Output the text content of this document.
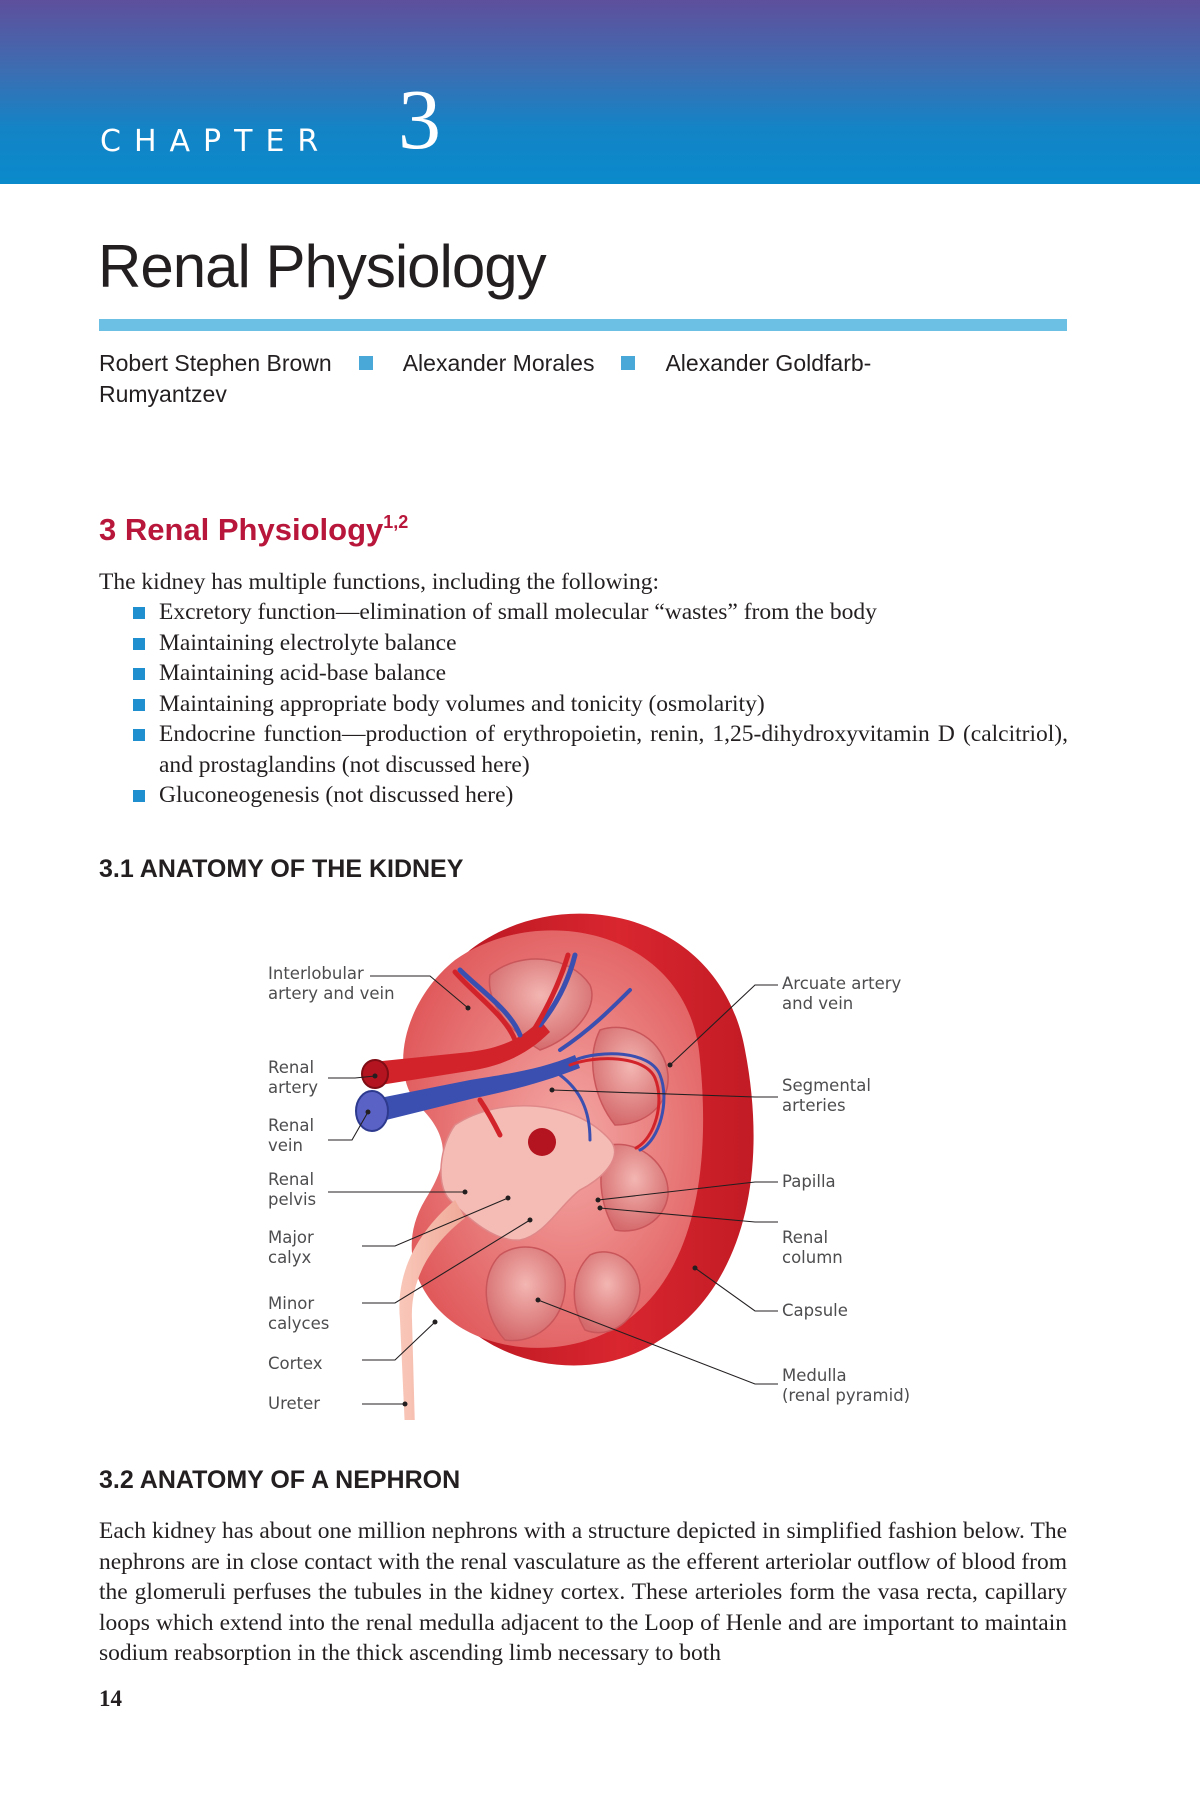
CHAPTER 3
Renal Physiology
Robert Stephen Brown	Alexander Morales	Alexander Goldfarb-Rumyantzev
3 Renal Physiology$^{1,2}$
The kidney has multiple functions, including the following:
Excretory function—elimination of small molecular “wastes” from the body
Maintaining electrolyte balance
Maintaining acid-base balance
Maintaining appropriate body volumes and tonicity (osmolarity)
Endocrine function—production of erythropoietin, renin, 1,25-dihydroxyvitamin D (calcitriol), and prostaglandins (not discussed here)
Gluconeogenesis (not discussed here)
3.1 ANATOMY OF THE KIDNEY
Interlobular
artery and vein
Renal
artery
Renal
vein
Renal
pelvis
Major
calyx
Minor
calyces
Cortex
Ureter
Arcuate artery
and vein
Segmental
arteries
Papilla
Renal
column
Capsule
Medulla
(renal pyramid)
3.2 ANATOMY OF A NEPHRON

Each kidney has about one million nephrons with a structure depicted in simplified fashion below. The nephrons are in close contact with the renal vasculature as the efferent arteriolar outflow of blood from the glomeruli perfuses the tubules in the kidney cortex. These arterioles form the vasa recta, capillary loops which extend into the renal medulla adjacent to the Loop of Henle and are important to maintain sodium reabsorption in the thick ascending limb necessary to both

14
